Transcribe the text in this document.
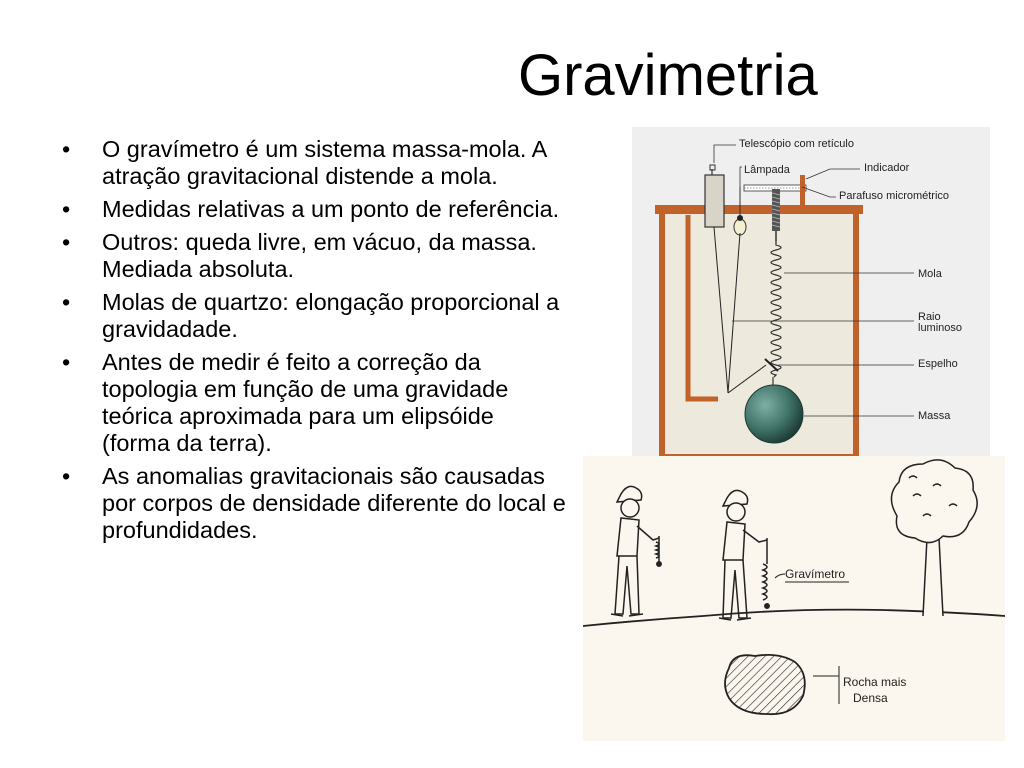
Gravimetria
• O gravímetro é um sistema massa-mola. A atração gravitacional distende a mola.
• Medidas relativas a um ponto de referência.
• Outros: queda livre, em vácuo, da massa. Mediada absoluta.
• Molas de quartzo: elongação proporcional a gravidadade.
• Antes de medir é feito a correção da topologia em função de uma gravidade teórica aproximada para um elipsóide (forma da terra).
• As anomalias gravitacionais são causadas por corpos de densidade diferente do local e profundidades.
Telescópio com retículo
Indicador
Lâmpada
Parafuso micrométrico
Mola
Raio
luminoso
Espelho
Massa
Gravímetro
Rocha mais
Densa
